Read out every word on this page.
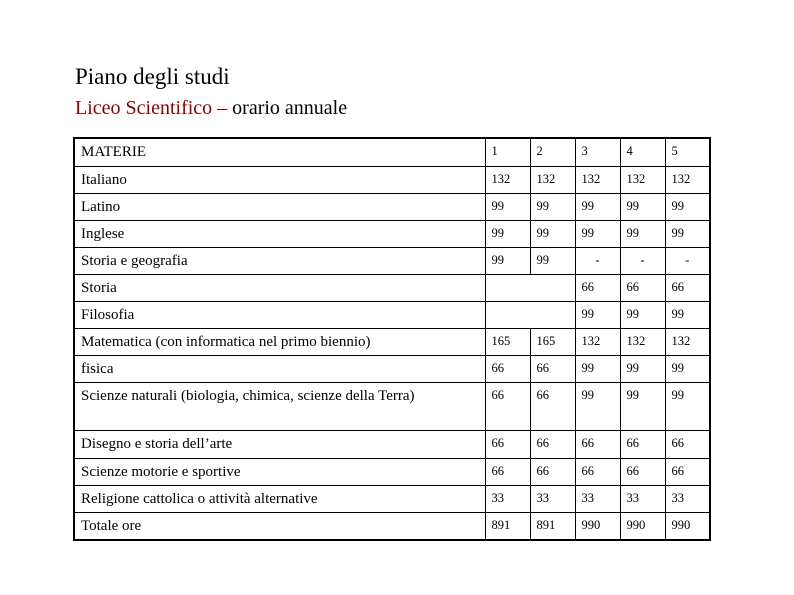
Piano degli studi
Liceo Scientifico – orario annuale
MATERIE	1	2	3	4	5
Italiano	132	132	132	132	132
Latino	99	99	99	99	99
Inglese	99	99	99	99	99
Storia e geografia	99	99	-	-	-
Storia			66	66	66
Filosofia			99	99	99
Matematica (con informatica nel primo biennio)	165	165	132	132	132
fisica	66	66	99	99	99
Scienze naturali (biologia, chimica, scienze della Terra)	66	66	99	99	99
Disegno e storia dell’arte	66	66	66	66	66
Scienze motorie e sportive	66	66	66	66	66
Religione cattolica o attività alternative	33	33	33	33	33
Totale ore	891	891	990	990	990
